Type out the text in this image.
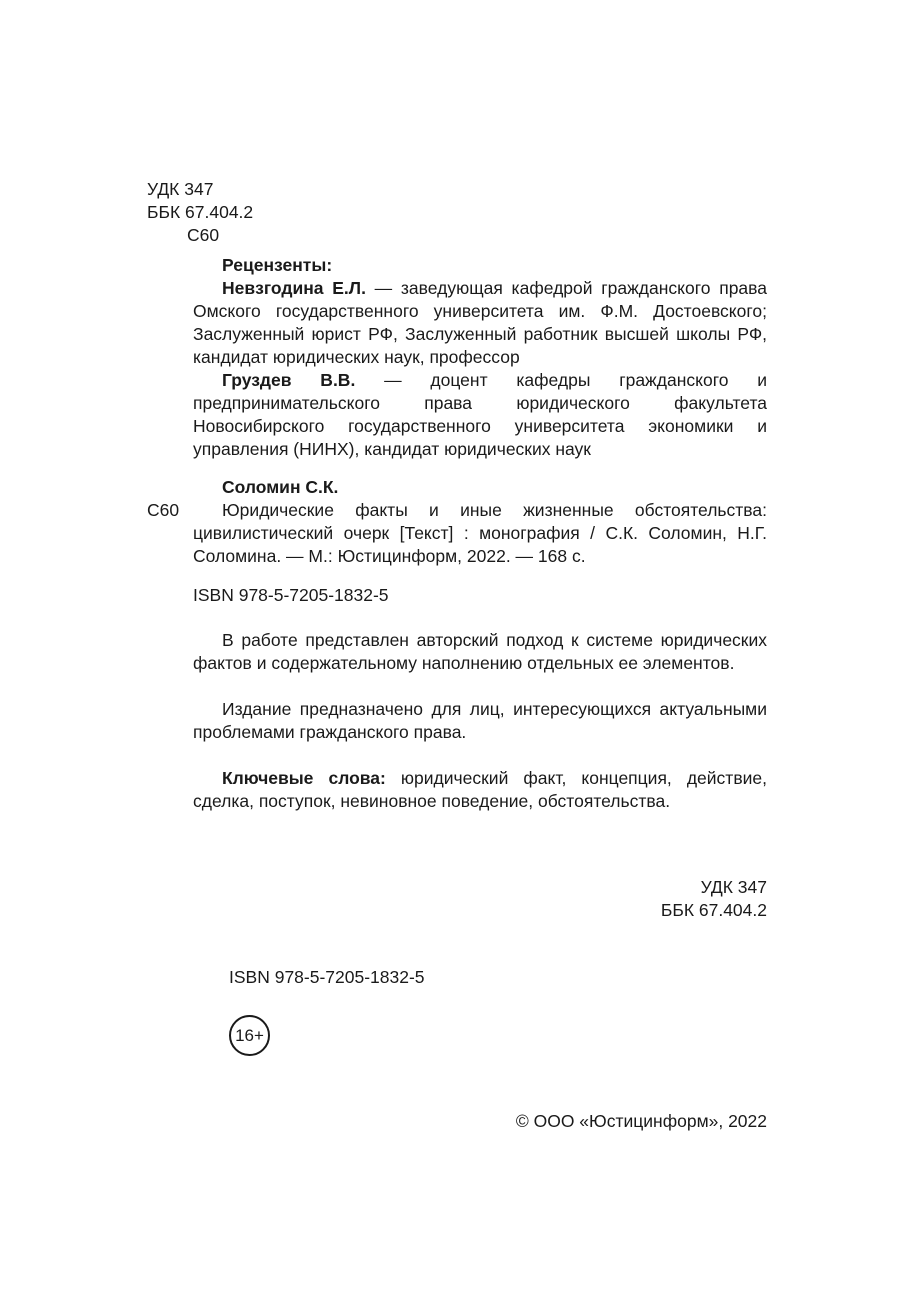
УДК 347
ББК 67.404.2
С60
Рецензенты:
Невзгодина Е.Л. — заведующая кафедрой гражданского права Омского государственного университета им. Ф.М. Достоевского; Заслуженный юрист РФ, Заслуженный работник высшей школы РФ, кандидат юридических наук, профессор
Груздев В.В. — доцент кафедры гражданского и предпринимательского права юридического факультета Новосибирского государственного университета экономики и управления (НИНХ), кандидат юридических наук
Соломин С.К.
С60	Юридические факты и иные жизненные обстоятельства: цивилистический очерк [Текст] : монография / С.К. Соломин, Н.Г. Соломина. — М.: Юстицинформ, 2022. — 168 с.
ISBN 978-5-7205-1832-5
В работе представлен авторский подход к системе юридических фактов и содержательному наполнению отдельных ее элементов.
Издание предназначено для лиц, интересующихся актуальными проблемами гражданского права.
Ключевые слова: юридический факт, концепция, действие, сделка, поступок, невиновное поведение, обстоятельства.
УДК 347
ББК 67.404.2
ISBN 978-5-7205-1832-5
16+
© ООО «Юстицинформ», 2022
